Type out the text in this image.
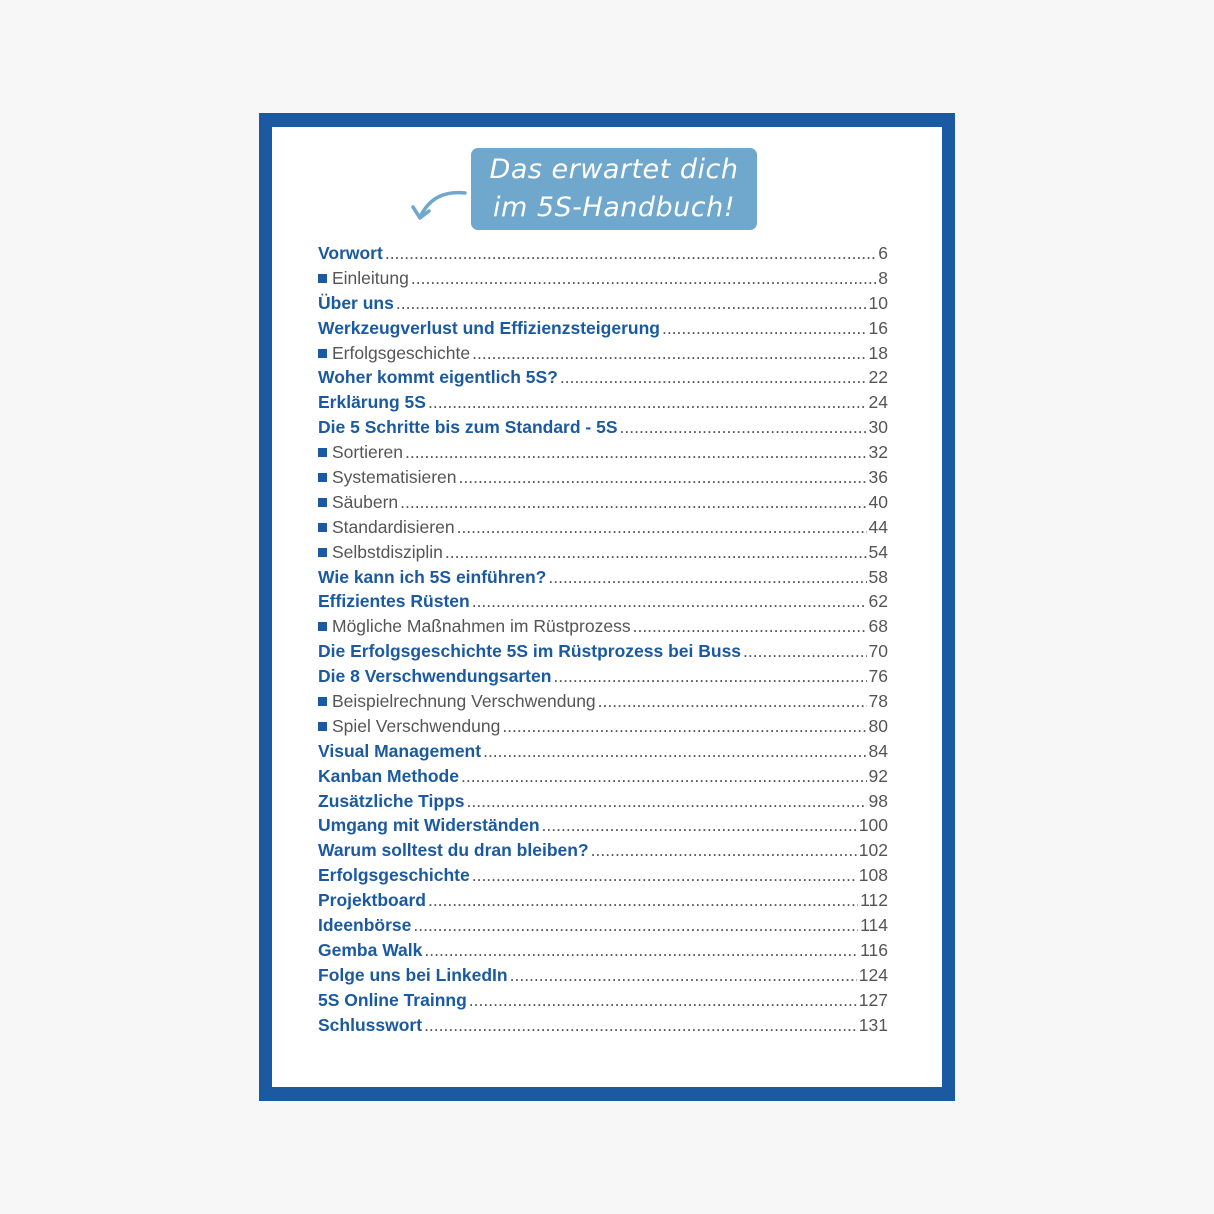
Das erwartet dich
im 5S-Handbuch!
Vorwort .....	6
Einleitung .....	8
Über uns .....	10
Werkzeugverlust und Effizienzsteigerung .....	16
Erfolgsgeschichte .....	18
Woher kommt eigentlich 5S? .....	22
Erklärung 5S .....	24
Die 5 Schritte bis zum Standard - 5S .....	30
Sortieren .....	32
Systematisieren .....	36
Säubern .....	40
Standardisieren .....	44
Selbstdisziplin .....	54
Wie kann ich 5S einführen? .....	58
Effizientes Rüsten .....	62
Mögliche Maßnahmen im Rüstprozess .....	68
Die Erfolgsgeschichte 5S im Rüstprozess bei Buss .....	70
Die 8 Verschwendungsarten .....	76
Beispielrechnung Verschwendung .....	78
Spiel Verschwendung .....	80
Visual Management .....	84
Kanban Methode .....	92
Zusätzliche Tipps .....	98
Umgang mit Widerständen .....	100
Warum solltest du dran bleiben? .....	102
Erfolgsgeschichte .....	108
Projektboard .....	112
Ideenbörse .....	114
Gemba Walk .....	116
Folge uns bei LinkedIn .....	124
5S Online Trainng .....	127
Schlusswort .....	131
